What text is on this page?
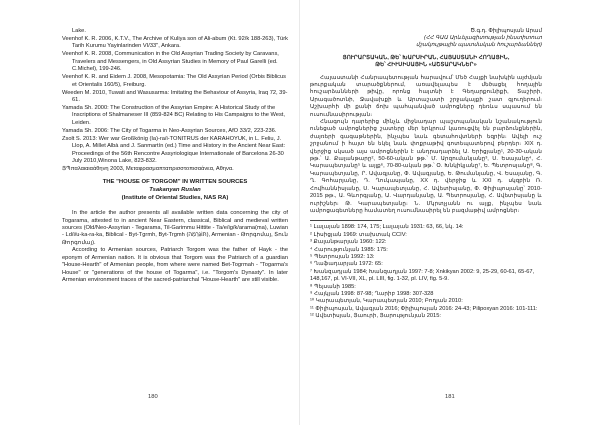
Lake.
Veenhof K. R. 2006, K.T.V., The Archive of Kuliya son of Ali-abum (Kt. 92/k 188-263), Türk Tarih Kurumu Yayinlarinden VI/33", Ankara.
Veenhof K. R. 2008, Communication in the Old Assyrian Trading Society by Caravans, Travelers and Messengers, in Old Assyrian Studies in Memory of Paul Garelli (ed. C.Michel), 199-246.
Veenhof K. R. and Eidem J. 2008, Mesopotamia: The Old Assyrian Period (Orbis Biblicus et Orientalis 160/5), Freiburg.
Weeden M. 2010, Tuwati and Wasusarma: Imitating the Behaviour of Assyria, Iraq 72, 39-61.
Yamada Sh. 2000: The Construction of the Assyrian Empire: A Historical Study of the Inscriptions of Shalmaneser III (859-824 BC) Relating to His Campaigns to the West, Leiden.
Yamada Sh. 2006: The City of Togarma in Neo-Assyrian Sources, AfO 33/2, 223-236.
Zsolt S. 2013: Wer war Großkönig (Ia)-ra/i-TONITRUS der KARAHOYUK, in L. Feliu, J. Llop, A. Millet Albà and J. Sanmartín (ed.) Time and History in the Ancient Near East: Proceedings of the 56th Rencontre Assyriologique Internationale of Barcelona 26-30 July 2010,Winona Lake, 823-832.
ՅՊπαλαιαιαάθηνη 2003, Μεταφρασμαπταπρισστοπισαάνεα, Αθηνα.
THE "HOUSE OF TORGOM" IN WRITTEN SOURCES
Tsakanyan Ruslan
(Institute of Oriental Studies, NAS RA)

In the article the author presents all available written data concerning the city of Togarama, attested to in ancient Near Eastern, classical, Biblical and medieval written sources (Old/Neo-Assyrian - Tegarama, Til-Garimmu Hittite - Ta/e/ig/k/arama(ma), Luwian - Ld/i/u-ka-ra-ka, Biblical - Byt-Tgrmh, Byt-Trgmh (תּוֹגַרְמָה), Armenian - Թորգոմայ, Տուն Թորգոմայ).

According to Armenian sources, Patriarch Torgom was the father of Hayk - the eponym of Armenian nation. It is obvious that Torgom was the Patriarch of a guardian "House-Hearth" of Armenian people, from where were named Bet-Togrmah - "Togarma's House" or "generations of the house of Togarma", i.e. "Torgom's Dynasty". In later Armenian environment traces of the sacred-patriarchal "House-Hearth" are still visible.

180
Ծ.գ.դ. Փիլիպոսյան Արամ
(ՀՀ ԳԱԱ Արևելագիտության ինստիտուտ
մշակույթային պատմական հուշարձաններ)
ՅՈՒՐԱՐՏԱԿԱՆ, ԹԵ՝ ԽԱՐՍԻՐԱՆ, ՀԱՅԱՍՏԱՆԻ ՀՈՂԱՅԻՆ,
ԹԵ՝ ՀԻՒՍԻՍԱՅԻՆ «ԱՇՏԱՐԱԿՆԵՐ»

Հայաստանի Հանրապետության հարավում՝ Մեծ Հայքի նախկին այժմյան թուրքական տարածքներում, առավելապես է մեծացել հողային հուշարձանների թիվը, որոնց հայտնի է Գեղարքունիքի, Տաշիրի, Արագածոտնի, Ջավախքի և Արտաշատի շրջակայքի շատ գյուղերում։ Աշխարհի մի քանի ճոխ պահպանված ամրոցները դեռևս սպասում են ուսումնասիրության։

Հնագույն դարերից մինչև միջնադար պաշտպանական նշանակություն ունեցած ամրոցներից շատերը մեր երկրում կառուցվել են բարձունքներին, ժայռերի գագաթներին, ինչպես նաև գետահովտների եզրին։ Ավելի ուշ շրջանում ի հայտ են եկել նաև փոքրաթիվ գոտեպատերով բերդեր։ XIX դ. վերջից սկսած այս ամրոցներին է անդրադարձել Ա. Երիցյանը¹, 20-30-ական թթ.՝ Ա. Քալանթարը², 50-60-ական թթ.՝ Մ. Արզումանյանը³, Ս. Եսայանը⁴, Հ. Կարապետյանը⁵ և այլք⁶, 70-80-ական թթ.՝ Օ. Խնկիկյանը⁷, Ե. Պետրոսյանը⁸, Գ. Կարապետյանը, Ր. Ավագյանը, Փ. Ավագյանը, Ե. Թումանյանը, Վ. Եսայանը, Գ. Ղ. Գոհարյանը, Դ. Ղուկասյանը, XX դ. վերջից և XXI դ. սկզբին Ռ. Հովհաննիսյանը, Ս. Կարապետյանը, Հ. Ավետիսյանը, Փ. Փիլիպոսյանը՝ 2010-2015 թթ., Ա. Գևորգյանը, Ա. Վարդանյանը, Ա. Պետրոսյանը, Հ. Ավետիսյանը և ուրիշներ։ Թ. Կարապետյանը։ Ն. Մկրտչյանն ու այլք, ինչպես նաև ամրոցագետները համատեղ ուսումնասիրել են բազմաթիվ ամրոցներ։

¹ Լալայան 1898: 174, 175; Լալայան 1931: 63, 66, նկ. 14:
² Լիսիցյան 1969: տախտակ CCIV:
³ Քալանթարյան 1960: 122:
⁴ Հարությունյան 1985: 175:
⁵ Պետրոսյան 1992: 13:
⁶ Ղաֆադարյան 1972: 65:
⁷ Խանզադյան 1984; Խանզադյան 1997: 7-8; Xnkikyan 2002: 9, 25-29, 60-61, 65-67, 148,167, pl. VI-VII, XL, pl. LIII, fig. 1-32, pl. LIV, fig. 5-9.
⁸ Պեյսանի 1985:
⁹ Հայկյան 1998: 87-98; Ղարիբ 1998: 307-328
¹⁰ Կարապետյան, Կարապետյան 2010; Բոդյան 2010:
¹¹ Փիլիպոսյան, Ավագյան 2016; Փիլիպոսյան 2016: 24-43; Pilipoxyan 2016: 101-111:
¹² Ավետիսյան, Յաուրի, Յարությունյան 2015:
181
